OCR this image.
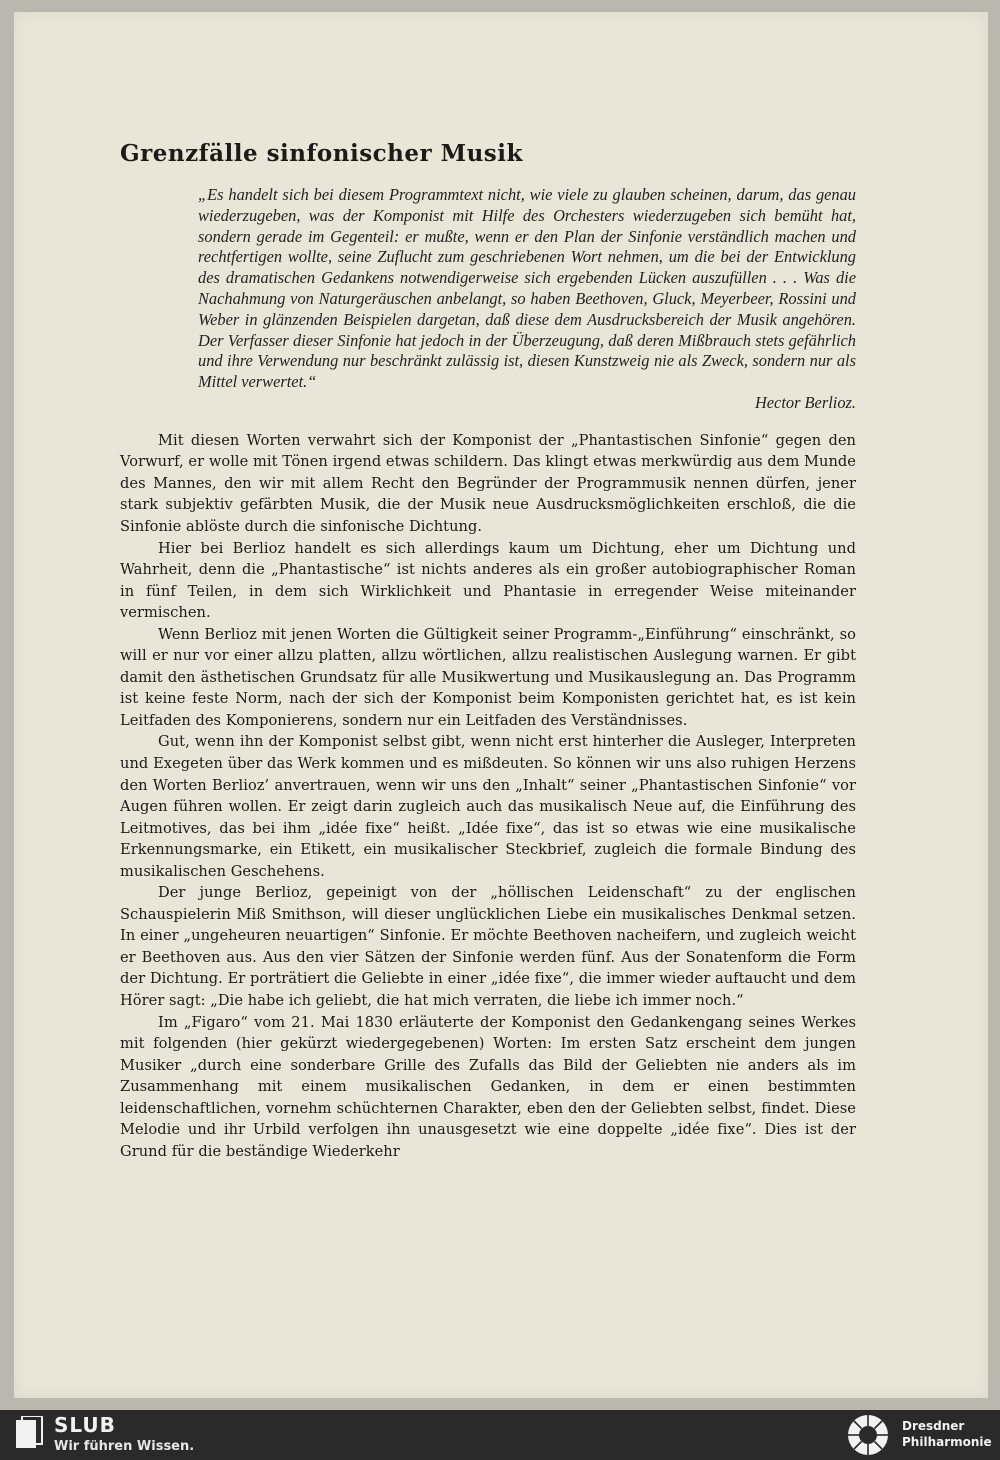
Grenzfälle sinfonischer Musik
„Es handelt sich bei diesem Programmtext nicht, wie viele zu glauben scheinen, darum, das genau wiederzugeben, was der Komponist mit Hilfe des Orchesters wiederzugeben sich bemüht hat, sondern gerade im Gegenteil: er mußte, wenn er den Plan der Sinfonie verständlich machen und rechtfertigen wollte, seine Zuflucht zum geschriebenen Wort nehmen, um die bei der Entwicklung des dramatischen Gedankens notwendigerweise sich ergebenden Lücken auszufüllen . . . Was die Nachahmung von Naturgeräuschen anbelangt, so haben Beethoven, Gluck, Meyerbeer, Rossini und Weber in glänzenden Beispielen dargetan, daß diese dem Ausdrucksbereich der Musik angehören. Der Verfasser dieser Sinfonie hat jedoch in der Überzeugung, daß deren Mißbrauch stets gefährlich und ihre Verwendung nur beschränkt zulässig ist, diesen Kunstzweig nie als Zweck, sondern nur als Mittel verwertet.“
Hector Berlioz.

Mit diesen Worten verwahrt sich der Komponist der „Phantastischen Sinfonie“ gegen den Vorwurf, er wolle mit Tönen irgend etwas schildern. Das klingt etwas merkwürdig aus dem Munde des Mannes, den wir mit allem Recht den Begründer der Programmusik nennen dürfen, jener stark subjektiv gefärbten Musik, die der Musik neue Ausdrucksmöglichkeiten erschloß, die die Sinfonie ablöste durch die sinfonische Dichtung.

Hier bei Berlioz handelt es sich allerdings kaum um Dichtung, eher um Dichtung und Wahrheit, denn die „Phantastische“ ist nichts anderes als ein großer autobiographischer Roman in fünf Teilen, in dem sich Wirklichkeit und Phantasie in erregender Weise miteinander vermischen.

Wenn Berlioz mit jenen Worten die Gültigkeit seiner Programm-„Einführung“ einschränkt, so will er nur vor einer allzu platten, allzu wörtlichen, allzu realistischen Auslegung warnen. Er gibt damit den ästhetischen Grundsatz für alle Musikwertung und Musikauslegung an. Das Programm ist keine feste Norm, nach der sich der Komponist beim Komponisten gerichtet hat, es ist kein Leitfaden des Komponierens, sondern nur ein Leitfaden des Verständnisses.

Gut, wenn ihn der Komponist selbst gibt, wenn nicht erst hinterher die Ausleger, Interpreten und Exegeten über das Werk kommen und es mißdeuten. So können wir uns also ruhigen Herzens den Worten Berlioz’ anvertrauen, wenn wir uns den „Inhalt“ seiner „Phantastischen Sinfonie“ vor Augen führen wollen. Er zeigt darin zugleich auch das musikalisch Neue auf, die Einführung des Leitmotives, das bei ihm „idée fixe“ heißt. „Idée fixe“, das ist so etwas wie eine musikalische Erkennungsmarke, ein Etikett, ein musikalischer Steckbrief, zugleich die formale Bindung des musikalischen Geschehens.

Der junge Berlioz, gepeinigt von der „höllischen Leidenschaft“ zu der englischen Schauspielerin Miß Smithson, will dieser unglücklichen Liebe ein musikalisches Denkmal setzen. In einer „ungeheuren neuartigen“ Sinfonie. Er möchte Beethoven nacheifern, und zugleich weicht er Beethoven aus. Aus den vier Sätzen der Sinfonie werden fünf. Aus der Sonatenform die Form der Dichtung. Er porträtiert die Geliebte in einer „idée fixe“, die immer wieder auftaucht und dem Hörer sagt: „Die habe ich geliebt, die hat mich verraten, die liebe ich immer noch.“

Im „Figaro“ vom 21. Mai 1830 erläuterte der Komponist den Gedankengang seines Werkes mit folgenden (hier gekürzt wiedergegebenen) Worten: Im ersten Satz erscheint dem jungen Musiker „durch eine sonderbare Grille des Zufalls das Bild der Geliebten nie anders als im Zusammenhang mit einem musikalischen Gedanken, in dem er einen bestimmten leidenschaftlichen, vornehm schüchternen Charakter, eben den der Geliebten selbst, findet. Diese Melodie und ihr Urbild verfolgen ihn unausgesetzt wie eine doppelte „idée fixe“. Dies ist der Grund für die beständige Wiederkehr

SLUB
Wir führen Wissen.
Dresdner
Philharmonie
